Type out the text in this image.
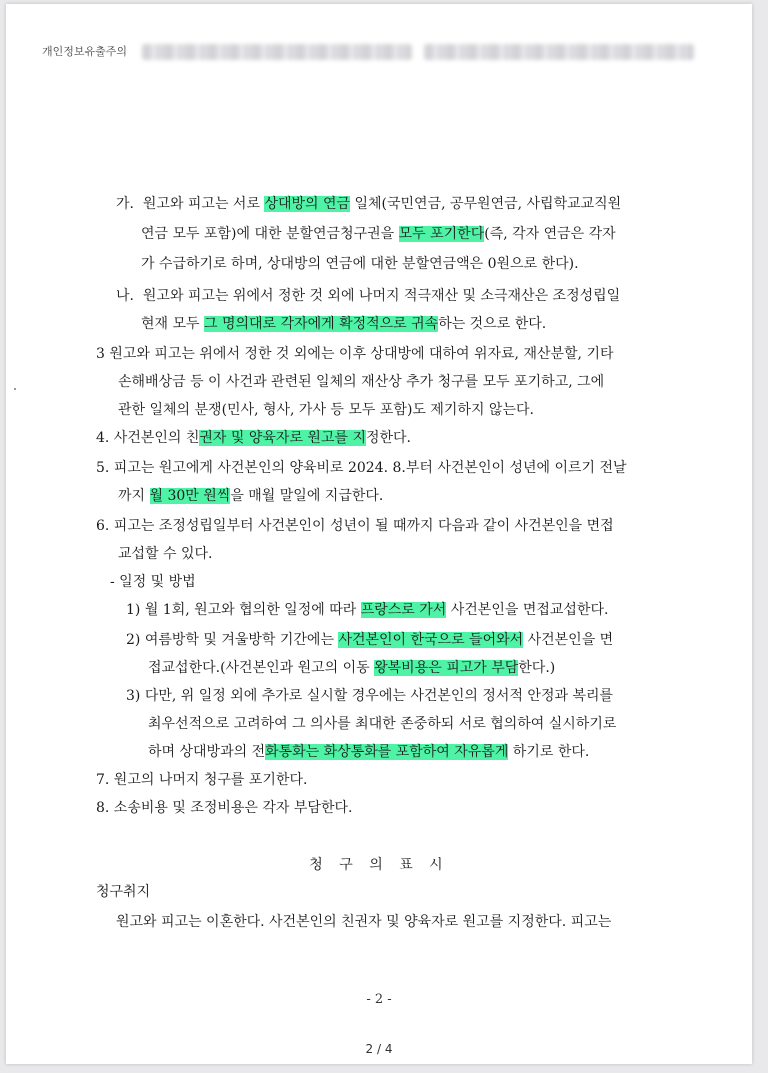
개인정보유출주의
가. 원고와 피고는 서로 상대방의 연금 일체(국민연금, 공무원연금, 사립학교교직원
연금 모두 포함)에 대한 분할연금청구권을 모두 포기한다(즉, 각자 연금은 각자
가 수급하기로 하며, 상대방의 연금에 대한 분할연금액은 0원으로 한다).
나. 원고와 피고는 위에서 정한 것 외에 나머지 적극재산 및 소극재산은 조정성립일
현재 모두 그 명의대로 각자에게 확정적으로 귀속하는 것으로 한다.
3 원고와 피고는 위에서 정한 것 외에는 이후 상대방에 대하여 위자료, 재산분할, 기타
손해배상금 등 이 사건과 관련된 일체의 재산상 추가 청구를 모두 포기하고, 그에
관한 일체의 분쟁(민사, 형사, 가사 등 모두 포함)도 제기하지 않는다.
4. 사건본인의 친권자 및 양육자로 원고를 지정한다.
5. 피고는 원고에게 사건본인의 양육비로 2024. 8.부터 사건본인이 성년에 이르기 전날
까지 월 30만 원씩을 매월 말일에 지급한다.
6. 피고는 조정성립일부터 사건본인이 성년이 될 때까지 다음과 같이 사건본인을 면접
교섭할 수 있다.
- 일정 및 방법
1) 월 1회, 원고와 협의한 일정에 따라 프랑스로 가서 사건본인을 면접교섭한다.
2) 여름방학 및 겨울방학 기간에는 사건본인이 한국으로 들어와서 사건본인을 면
접교섭한다.(사건본인과 원고의 이동 왕복비용은 피고가 부담한다.)
3) 다만, 위 일정 외에 추가로 실시할 경우에는 사건본인의 정서적 안정과 복리를
최우선적으로 고려하여 그 의사를 최대한 존중하되 서로 협의하여 실시하기로
하며 상대방과의 전화통화는 화상통화를 포함하여 자유롭게 하기로 한다.
7. 원고의 나머지 청구를 포기한다.
8. 소송비용 및 조정비용은 각자 부담한다.
청 구 의 표 시
청구취지
원고와 피고는 이혼한다. 사건본인의 친권자 및 양육자로 원고를 지정한다. 피고는
- 2 -
2 / 4
